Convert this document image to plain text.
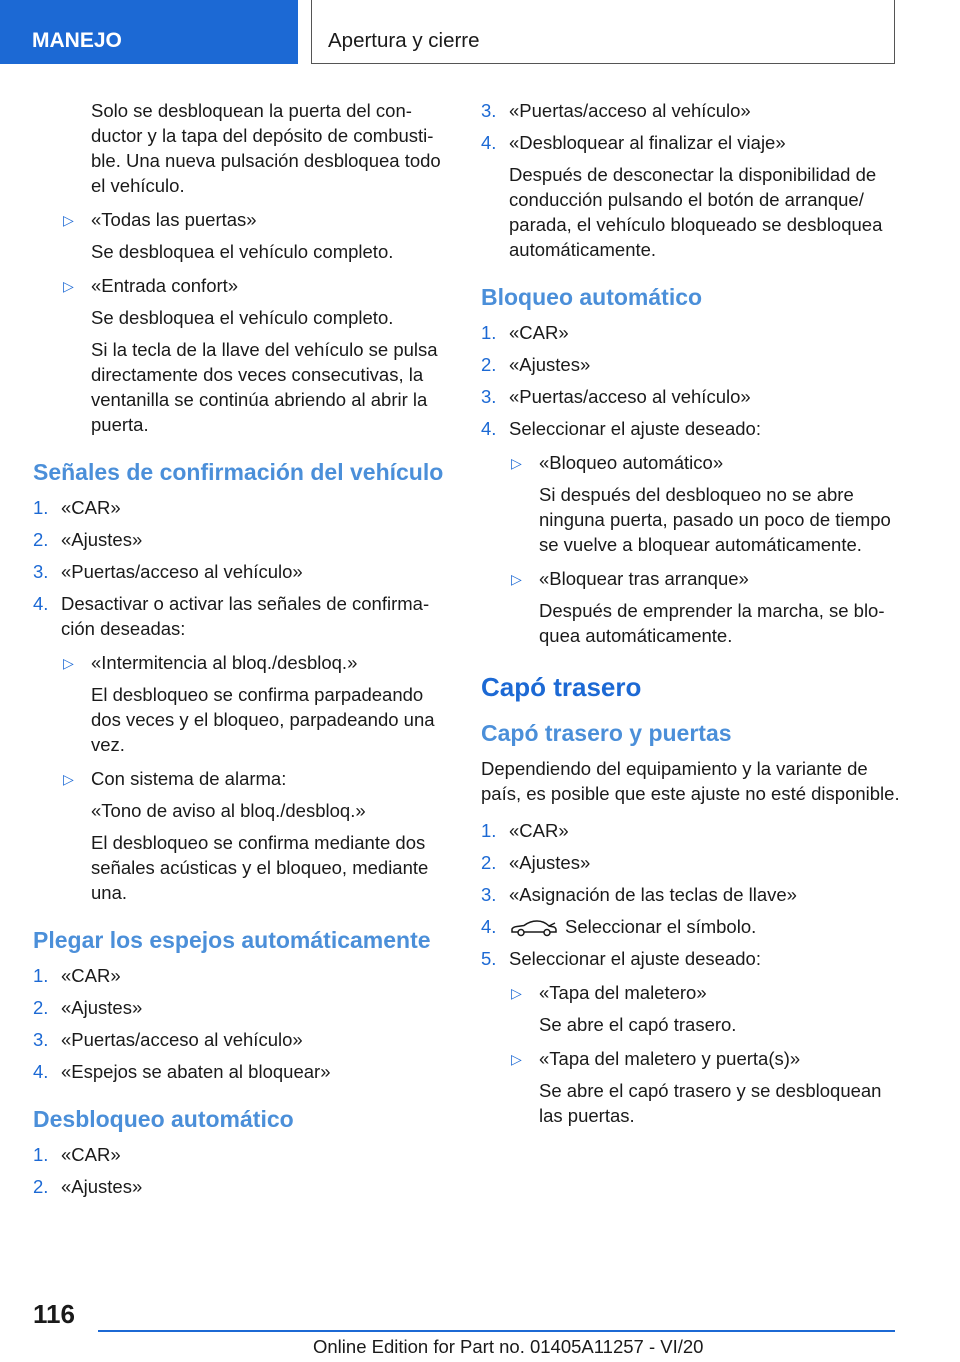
MANEJO	Apertura y cierre

Solo se desbloquean la puerta del conductor y la tapa del depósito de combustible. Una nueva pulsación desbloquea todo el vehículo.

▷ «Todas las puertas»

Se desbloquea el vehículo completo.

▷ «Entrada confort»

Se desbloquea el vehículo completo.

Si la tecla de la llave del vehículo se pulsa directamente dos veces consecutivas, la ventanilla se continúa abriendo al abrir la puerta.

Señales de confirmación del vehículo
1. «CAR»
2. «Ajustes»
3. «Puertas/acceso al vehículo»
4. Desactivar o activar las señales de confirmación deseadas:
▷ «Intermitencia al bloq./desbloq.»

El desbloqueo se confirma parpadeando dos veces y el bloqueo, parpadeando una vez.

▷ Con sistema de alarma:

«Tono de aviso al bloq./desbloq.»

El desbloqueo se confirma mediante dos señales acústicas y el bloqueo, mediante una.

Plegar los espejos automáticamente
1. «CAR»
2. «Ajustes»
3. «Puertas/acceso al vehículo»
4. «Espejos se abaten al bloquear»
Desbloqueo automático
1. «CAR»
2. «Ajustes»
3. «Puertas/acceso al vehículo»
4. «Desbloquear al finalizar el viaje»

Después de desconectar la disponibilidad de conducción pulsando el botón de arranque/ parada, el vehículo bloqueado se desbloquea automáticamente.

Bloqueo automático
1. «CAR»
2. «Ajustes»
3. «Puertas/acceso al vehículo»
4. Seleccionar el ajuste deseado:
▷ «Bloqueo automático»

Si después del desbloqueo no se abre ninguna puerta, pasado un poco de tiempo se vuelve a bloquear automáticamente.

▷ «Bloquear tras arranque»

Después de emprender la marcha, se bloquea automáticamente.

Capó trasero
Capó trasero y puertas

Dependiendo del equipamiento y la variante de país, es posible que este ajuste no esté disponible.

1. «CAR»
2. «Ajustes»
3. «Asignación de las teclas de llave»
4.	Seleccionar el símbolo.
5. Seleccionar el ajuste deseado:
▷ «Tapa del maletero»

Se abre el capó trasero.

▷ «Tapa del maletero y puerta(s)»

Se abre el capó trasero y se desbloquean las puertas.

116
Online Edition for Part no. 01405A11257 - VI/20
